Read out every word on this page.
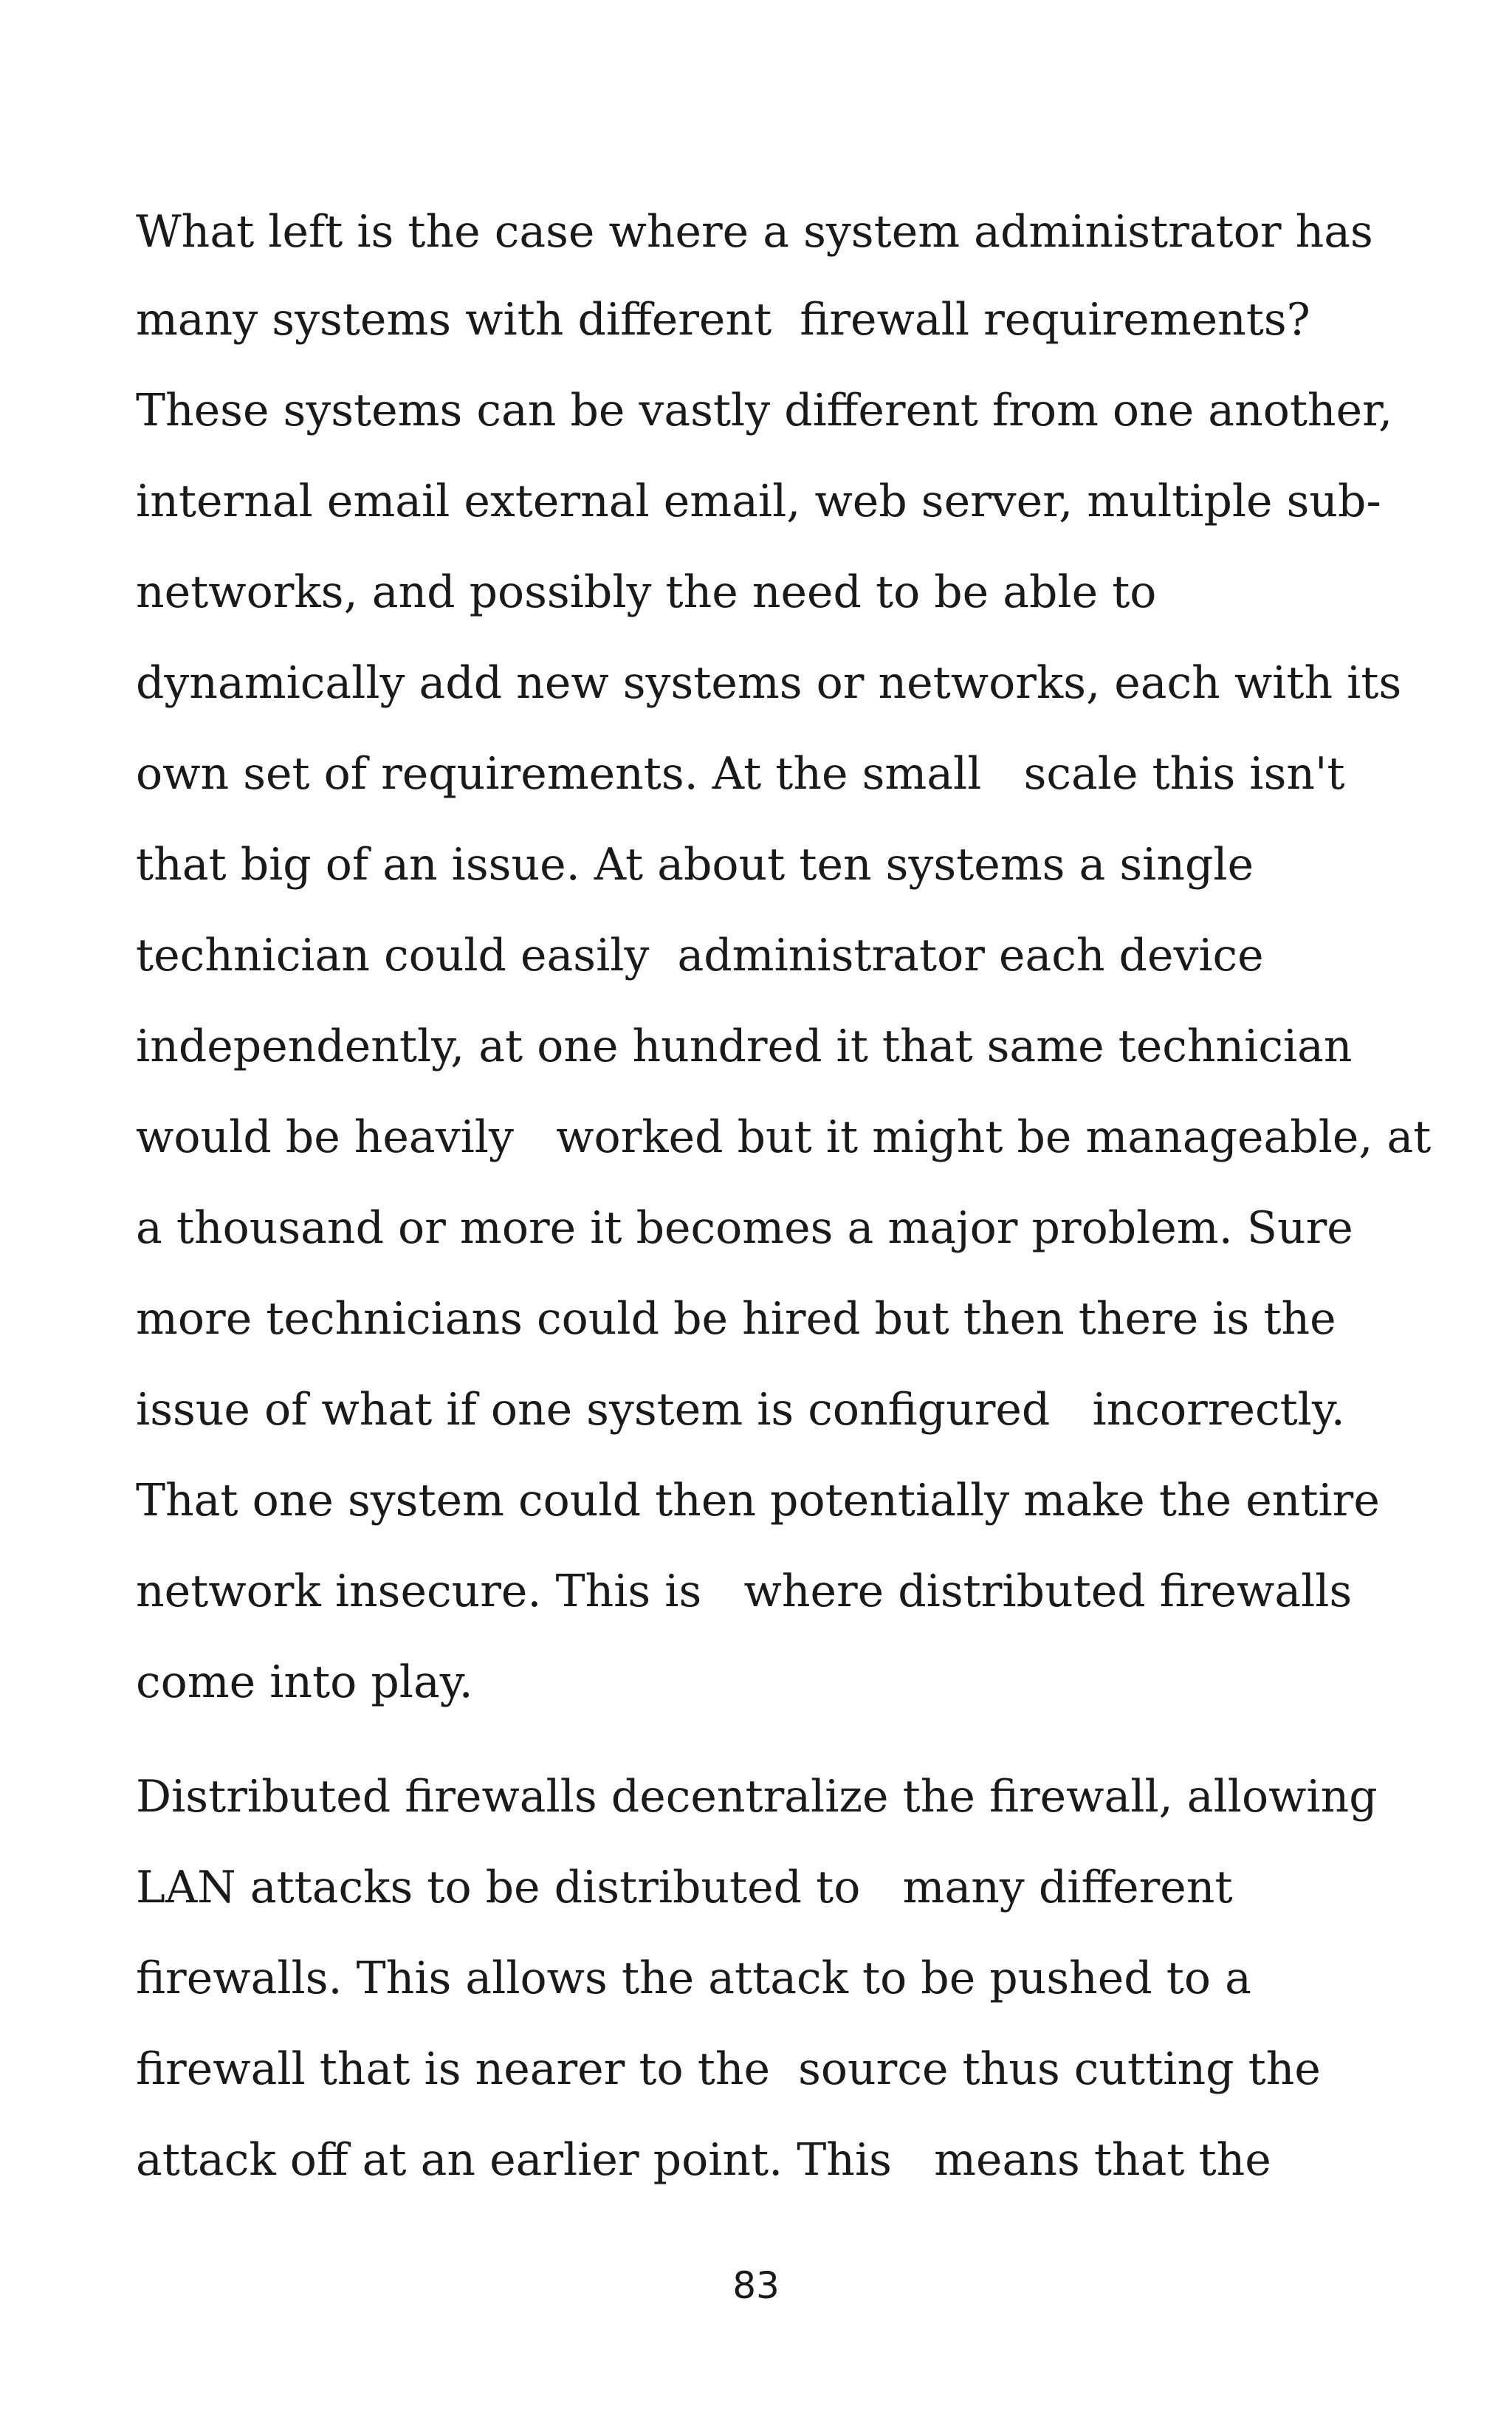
What left is the case where a system administrator has
many systems with different  firewall requirements?
These systems can be vastly different from one another,
internal email external email, web server, multiple sub-
networks, and possibly the need to be able to
dynamically add new systems or networks, each with its
own set of requirements. At the small   scale this isn't
that big of an issue. At about ten systems a single
technician could easily  administrator each device
independently, at one hundred it that same technician
would be heavily   worked but it might be manageable, at
a thousand or more it becomes a major problem. Sure
more technicians could be hired but then there is the
issue of what if one system is configured   incorrectly.
That one system could then potentially make the entire
network insecure. This is   where distributed firewalls
come into play.

Distributed firewalls decentralize the firewall, allowing
LAN attacks to be distributed to   many different
firewalls. This allows the attack to be pushed to a
firewall that is nearer to the  source thus cutting the
attack off at an earlier point. This   means that the

83
